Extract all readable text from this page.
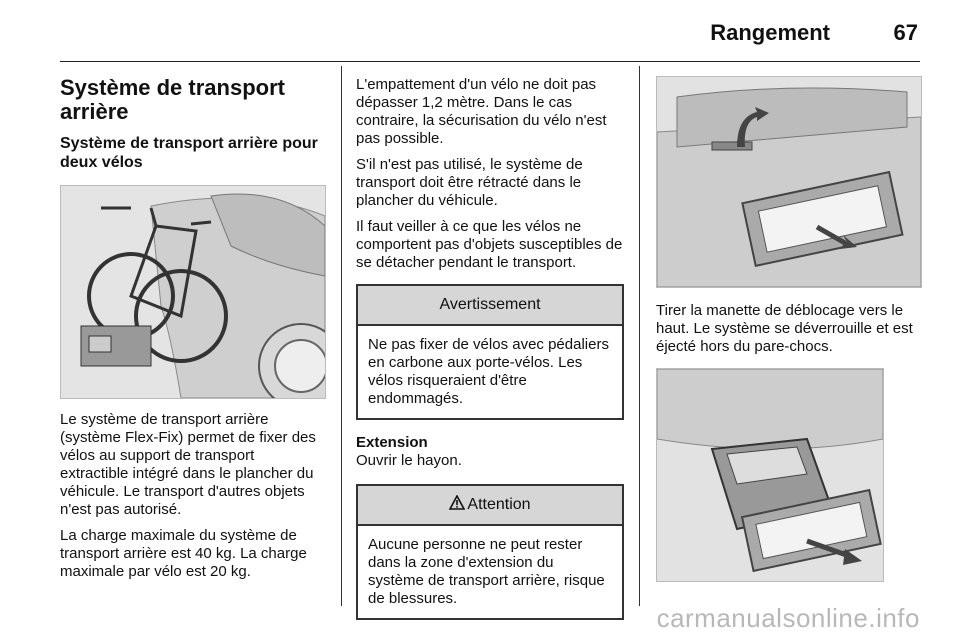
Rangement	67
Système de transport arrière
Système de transport arrière pour deux vélos

Le système de transport arrière (système Flex-Fix) permet de fixer des vélos au support de transport extractible intégré dans le plancher du véhicule. Le transport d'autres objets n'est pas autorisé.

La charge maximale du système de transport arrière est 40 kg. La charge maximale par vélo est 20 kg.

L'empattement d'un vélo ne doit pas dépasser 1,2 mètre. Dans le cas contraire, la sécurisation du vélo n'est pas possible.

S'il n'est pas utilisé, le système de transport doit être rétracté dans le plancher du véhicule.

Il faut veiller à ce que les vélos ne comportent pas d'objets susceptibles de se détacher pendant le transport.

Avertissement
Ne pas fixer de vélos avec pédaliers en carbone aux porte-vélos. Les vélos risqueraient d'être endommagés.
Extension

Ouvrir le hayon.

Attention
Aucune personne ne peut rester dans la zone d'extension du système de transport arrière, risque de blessures.

Tirer la manette de déblocage vers le haut. Le système se déverrouille et est éjecté hors du pare-chocs.

carmanualsonline.info
